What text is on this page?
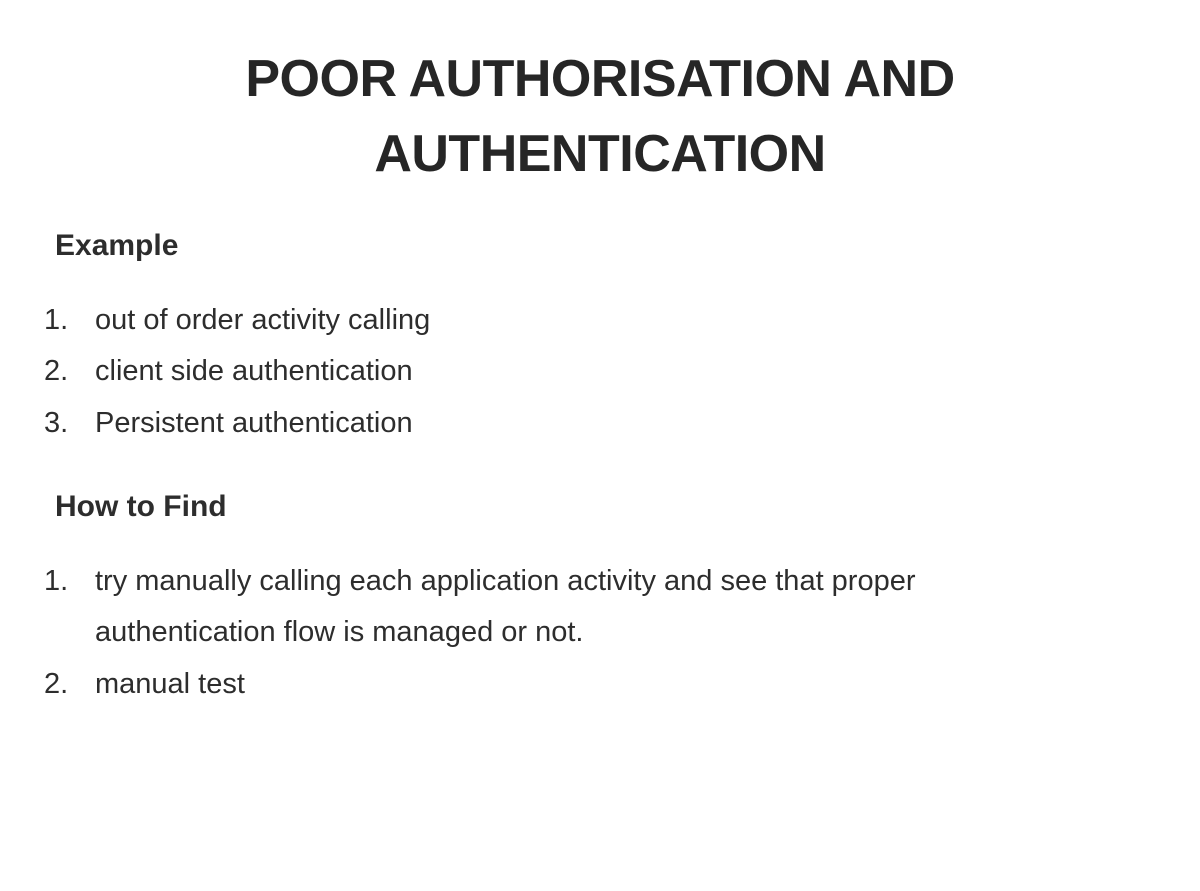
POOR AUTHORISATION AND AUTHENTICATION
Example
1. out of order activity calling
2. client side authentication
3. Persistent authentication
How to Find
1. try manually calling each application activity and see that proper authentication flow is managed or not.
2. manual test
